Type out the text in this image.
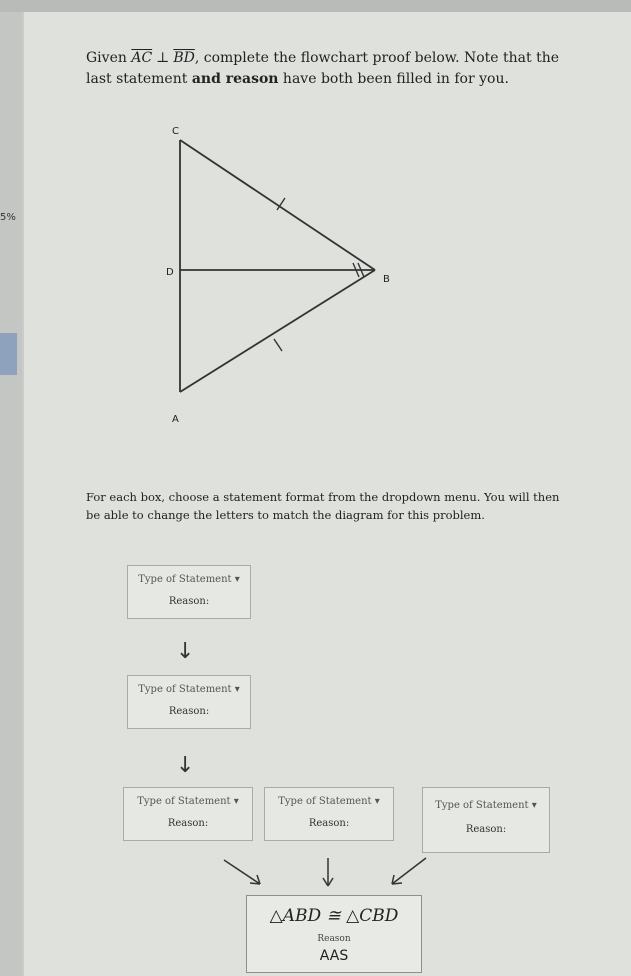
5%
Given $\overline{AC}$ ⊥ $\overline{BD}$, complete the flowchart proof below. Note that the
last statement and reason have both been filled in for you.
C
D
B
A
For each box, choose a statement format from the dropdown menu. You will then be able to change the letters to match the diagram for this problem.
Type of Statement ▾
Reason:
↓
Type of Statement ▾
Reason:
↓
Type of Statement ▾
Reason:
Type of Statement ▾
Reason:
Type of Statement ▾
Reason:
△ABD ≅ △CBD
Reason
AAS
